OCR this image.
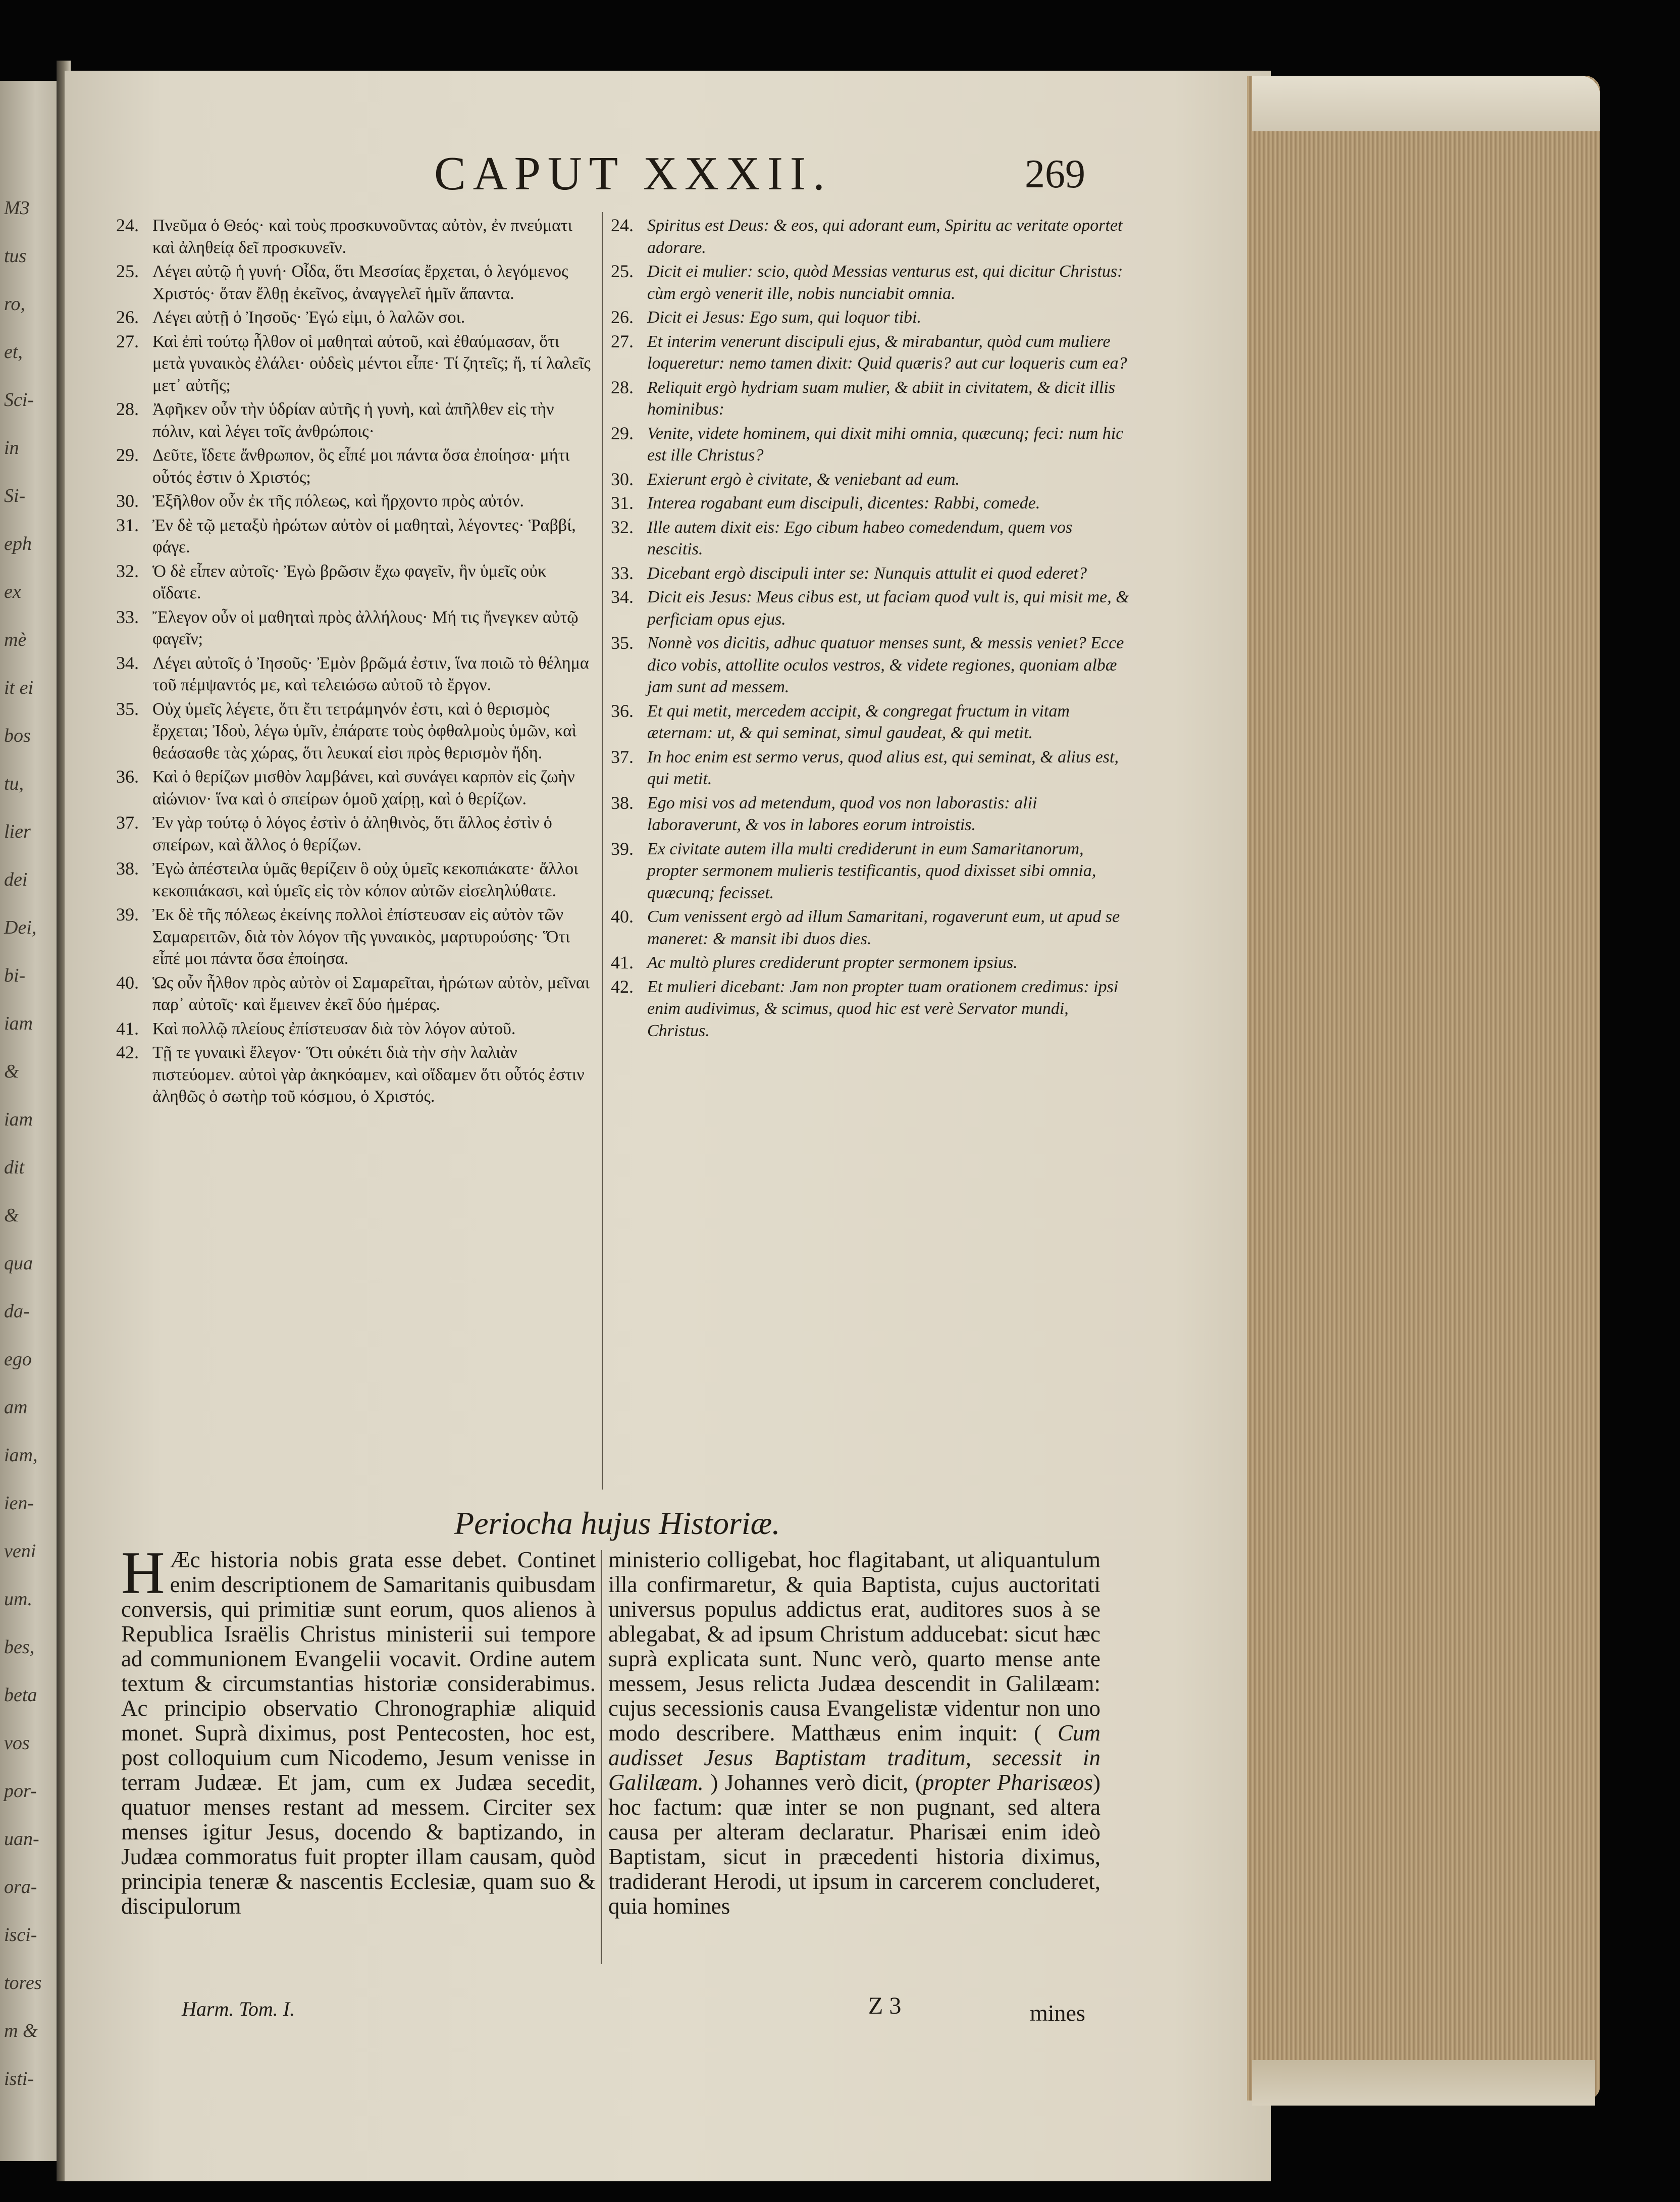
M3
tus
ro,
et,
Sci-
in
Si-
eph
ex
mè
it ei
bos
tu,
lier
dei
Dei,
bi-
iam
&
iam
dit
&
qua
da-
ego
am
iam,
ien-
veni
um.
bes,
beta
vos
por-
uan-
ora-
isci-
tores
m &
isti-
CAPUT XXXII.	269
24. Πνεῦμα ὁ Θεός· καὶ τοὺς προσκυνοῦντας αὐτὸν, ἐν πνεύματι καὶ ἀληθείᾳ δεῖ προσκυνεῖν.
25. Λέγει αὐτῷ ἡ γυνή· Οἶδα, ὅτι Μεσσίας ἔρχεται, ὁ λεγόμενος Χριστός· ὅταν ἔλθῃ ἐκεῖνος, ἀναγγελεῖ ἡμῖν ἅπαντα.
26. Λέγει αὐτῇ ὁ Ἰησοῦς· Ἐγώ εἰμι, ὁ λαλῶν σοι.
27. Καὶ ἐπὶ τούτῳ ἦλθον οἱ μαθηταὶ αὐτοῦ, καὶ ἐθαύμασαν, ὅτι μετὰ γυναικὸς ἐλάλει· οὐδεὶς μέντοι εἶπε· Τί ζητεῖς; ἤ, τί λαλεῖς μετ᾽ αὐτῆς;
28. Ἀφῆκεν οὖν τὴν ὑδρίαν αὐτῆς ἡ γυνὴ, καὶ ἀπῆλθεν εἰς τὴν πόλιν, καὶ λέγει τοῖς ἀνθρώποις·
29. Δεῦτε, ἴδετε ἄνθρωπον, ὃς εἶπέ μοι πάντα ὅσα ἐποίησα· μήτι οὗτός ἐστιν ὁ Χριστός;
30. Ἐξῆλθον οὖν ἐκ τῆς πόλεως, καὶ ἤρχοντο πρὸς αὐτόν.
31. Ἐν δὲ τῷ μεταξὺ ἠρώτων αὐτὸν οἱ μαθηταὶ, λέγοντες· Ῥαββί, φάγε.
32. Ὁ δὲ εἶπεν αὐτοῖς· Ἐγὼ βρῶσιν ἔχω φαγεῖν, ἣν ὑμεῖς οὐκ οἴδατε.
33. Ἔλεγον οὖν οἱ μαθηταὶ πρὸς ἀλλήλους· Μή τις ἤνεγκεν αὐτῷ φαγεῖν;
34. Λέγει αὐτοῖς ὁ Ἰησοῦς· Ἐμὸν βρῶμά ἐστιν, ἵνα ποιῶ τὸ θέλημα τοῦ πέμψαντός με, καὶ τελειώσω αὐτοῦ τὸ ἔργον.
35. Οὐχ ὑμεῖς λέγετε, ὅτι ἔτι τετράμηνόν ἐστι, καὶ ὁ θερισμὸς ἔρχεται; Ἰδοὺ, λέγω ὑμῖν, ἐπάρατε τοὺς ὀφθαλμοὺς ὑμῶν, καὶ θεάσασθε τὰς χώρας, ὅτι λευκαί εἰσι πρὸς θερισμὸν ἤδη.
36. Καὶ ὁ θερίζων μισθὸν λαμβάνει, καὶ συνάγει καρπὸν εἰς ζωὴν αἰώνιον· ἵνα καὶ ὁ σπείρων ὁμοῦ χαίρῃ, καὶ ὁ θερίζων.
37. Ἐν γὰρ τούτῳ ὁ λόγος ἐστὶν ὁ ἀληθινὸς, ὅτι ἄλλος ἐστὶν ὁ σπείρων, καὶ ἄλλος ὁ θερίζων.
38. Ἐγὼ ἀπέστειλα ὑμᾶς θερίζειν ὃ οὐχ ὑμεῖς κεκοπιάκατε· ἄλλοι κεκοπιάκασι, καὶ ὑμεῖς εἰς τὸν κόπον αὐτῶν εἰσεληλύθατε.
39. Ἐκ δὲ τῆς πόλεως ἐκείνης πολλοὶ ἐπίστευσαν εἰς αὐτὸν τῶν Σαμαρειτῶν, διὰ τὸν λόγον τῆς γυναικὸς, μαρτυρούσης· Ὅτι εἶπέ μοι πάντα ὅσα ἐποίησα.
40. Ὡς οὖν ἦλθον πρὸς αὐτὸν οἱ Σαμαρεῖται, ἠρώτων αὐτὸν, μεῖναι παρ᾽ αὐτοῖς· καὶ ἔμεινεν ἐκεῖ δύο ἡμέρας.
41. Καὶ πολλῷ πλείους ἐπίστευσαν διὰ τὸν λόγον αὐτοῦ.
42. Τῇ τε γυναικὶ ἔλεγον· Ὅτι οὐκέτι διὰ τὴν σὴν λαλιὰν πιστεύομεν. αὐτοὶ γὰρ ἀκηκόαμεν, καὶ οἴδαμεν ὅτι οὗτός ἐστιν ἀληθῶς ὁ σωτὴρ τοῦ κόσμου, ὁ Χριστός.
24. Spiritus est Deus: & eos, qui adorant eum, Spiritu ac veritate oportet adorare.
25. Dicit ei mulier: scio, quòd Messias venturus est, qui dicitur Christus: cùm ergò venerit ille, nobis nunciabit omnia.
26. Dicit ei Jesus: Ego sum, qui loquor tibi.
27. Et interim venerunt discipuli ejus, & mirabantur, quòd cum muliere loqueretur: nemo tamen dixit: Quid quæris? aut cur loqueris cum ea?
28. Reliquit ergò hydriam suam mulier, & abiit in civitatem, & dicit illis hominibus:
29. Venite, videte hominem, qui dixit mihi omnia, quæcunq; feci: num hic est ille Christus?
30. Exierunt ergò è civitate, & veniebant ad eum.
31. Interea rogabant eum discipuli, dicentes: Rabbi, comede.
32. Ille autem dixit eis: Ego cibum habeo comedendum, quem vos nescitis.
33. Dicebant ergò discipuli inter se: Nunquis attulit ei quod ederet?
34. Dicit eis Jesus: Meus cibus est, ut faciam quod vult is, qui misit me, & perficiam opus ejus.
35. Nonnè vos dicitis, adhuc quatuor menses sunt, & messis veniet? Ecce dico vobis, attollite oculos vestros, & videte regiones, quoniam albæ jam sunt ad messem.
36. Et qui metit, mercedem accipit, & congregat fructum in vitam æternam: ut, & qui seminat, simul gaudeat, & qui metit.
37. In hoc enim est sermo verus, quod alius est, qui seminat, & alius est, qui metit.
38. Ego misi vos ad metendum, quod vos non laborastis: alii laboraverunt, & vos in labores eorum introistis.
39. Ex civitate autem illa multi crediderunt in eum Samaritanorum, propter sermonem mulieris testificantis, quod dixisset sibi omnia, quæcunq; fecisset.
40. Cum venissent ergò ad illum Samaritani, rogaverunt eum, ut apud se maneret: & mansit ibi duos dies.
41. Ac multò plures crediderunt propter sermonem ipsius.
42. Et mulieri dicebant: Jam non propter tuam orationem credimus: ipsi enim audivimus, & scimus, quod hic est verè Servator mundi, Christus.
Periocha hujus Historiæ.
H Æc historia nobis grata esse debet. Continet enim descriptionem de Samaritanis quibusdam conversis, qui primitiæ sunt eorum, quos alienos à Republica Israëlis Christus ministerii sui tempore ad communionem Evangelii vocavit. Ordine autem textum & circumstantias historiæ considerabimus. Ac principio observatio Chronographiæ aliquid monet. Suprà diximus, post Pentecosten, hoc est, post colloquium cum Nicodemo, Jesum venisse in terram Judææ. Et jam, cum ex Judæa secedit, quatuor menses restant ad messem. Circiter sex menses igitur Jesus, docendo & baptizando, in Judæa commoratus fuit propter illam causam, quòd principia teneræ & nascentis Ecclesiæ, quam suo & discipulorum
ministerio colligebat, hoc flagitabant, ut aliquantulum illa confirmaretur, & quia Baptista, cujus auctoritati universus populus addictus erat, auditores suos à se ablegabat, & ad ipsum Christum adducebat: sicut hæc suprà explicata sunt. Nunc verò, quarto mense ante messem, Jesus relicta Judæa descendit in Galilæam: cujus secessionis causa Evangelistæ videntur non uno modo describere. Matthæus enim inquit: ( Cum audisset Jesus Baptistam traditum, secessit in Galilæam. ) Johannes verò dicit, (propter Pharisæos) hoc factum: quæ inter se non pugnant, sed altera causa per alteram declaratur. Pharisæi enim ideò Baptistam, sicut in præcedenti historia diximus, tradiderant Herodi, ut ipsum in carcerem concluderet, quia homines
Harm. Tom. I.	Z 3	mines
